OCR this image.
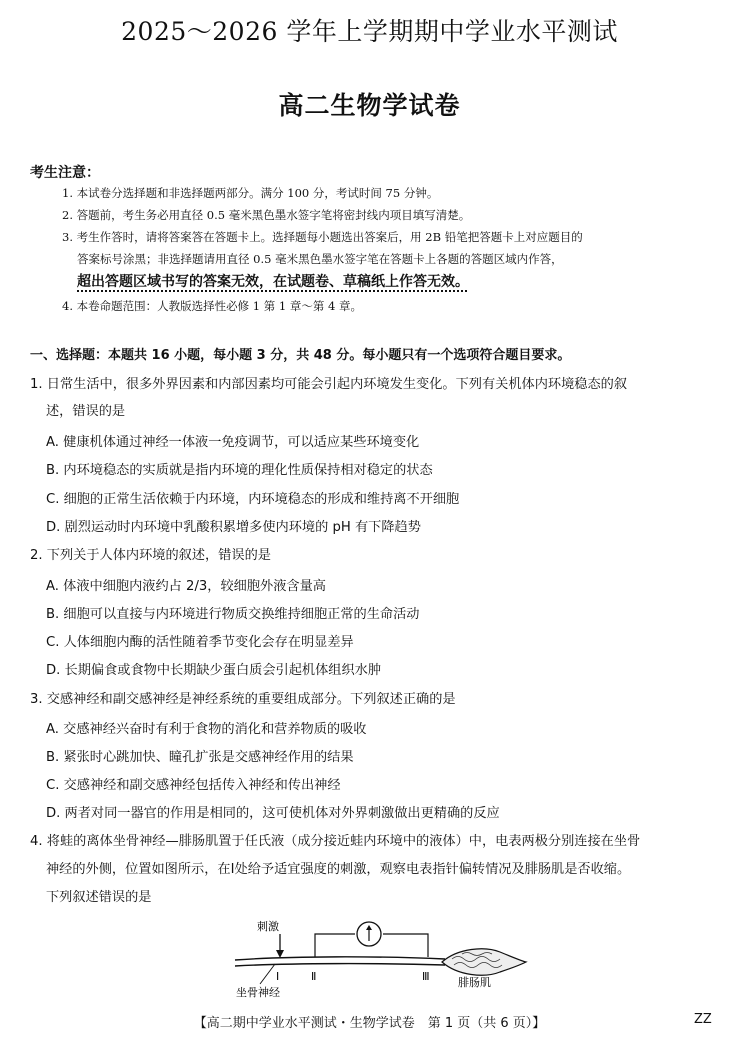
2025～2026 学年上学期期中学业水平测试
高二生物学试卷
考生注意：
1. 本试卷分选择题和非选择题两部分。满分 100 分，考试时间 75 分钟。
2. 答题前，考生务必用直径 0.5 毫米黑色墨水签字笔将密封线内项目填写清楚。
3. 考生作答时，请将答案答在答题卡上。选择题每小题选出答案后，用 2B 铅笔把答题卡上对应题目的
答案标号涂黑；非选择题请用直径 0.5 毫米黑色墨水签字笔在答题卡上各题的答题区域内作答，
超出答题区域书写的答案无效，在试题卷、草稿纸上作答无效。
4. 本卷命题范围：人教版选择性必修 1 第 1 章～第 4 章。
一、选择题：本题共 16 小题，每小题 3 分，共 48 分。每小题只有一个选项符合题目要求。
1. 日常生活中，很多外界因素和内部因素均可能会引起内环境发生变化。下列有关机体内环境稳态的叙
述，错误的是
A. 健康机体通过神经一体液一免疫调节，可以适应某些环境变化
B. 内环境稳态的实质就是指内环境的理化性质保持相对稳定的状态
C. 细胞的正常生活依赖于内环境，内环境稳态的形成和维持离不开细胞
D. 剧烈运动时内环境中乳酸积累增多使内环境的 pH 有下降趋势
2. 下列关于人体内环境的叙述，错误的是
A. 体液中细胞内液约占 2/3，较细胞外液含量高
B. 细胞可以直接与内环境进行物质交换维持细胞正常的生命活动
C. 人体细胞内酶的活性随着季节变化会存在明显差异
D. 长期偏食或食物中长期缺少蛋白质会引起机体组织水肿
3. 交感神经和副交感神经是神经系统的重要组成部分。下列叙述正确的是
A. 交感神经兴奋时有利于食物的消化和营养物质的吸收
B. 紧张时心跳加快、瞳孔扩张是交感神经作用的结果
C. 交感神经和副交感神经包括传入神经和传出神经
D. 两者对同一器官的作用是相同的，这可使机体对外界刺激做出更精确的反应
4. 将蛙的离体坐骨神经—腓肠肌置于任氏液（成分接近蛙内环境中的液体）中，电表两极分别连接在坐骨
神经的外侧，位置如图所示，在Ⅰ处给予适宜强度的刺激，观察电表指针偏转情况及腓肠肌是否收缩。
下列叙述错误的是
刺激
Ⅰ	Ⅱ	Ⅲ	腓肠肌
坐骨神经
【高二期中学业水平测试・生物学试卷　第 1 页（共 6 页）】	ZZ
